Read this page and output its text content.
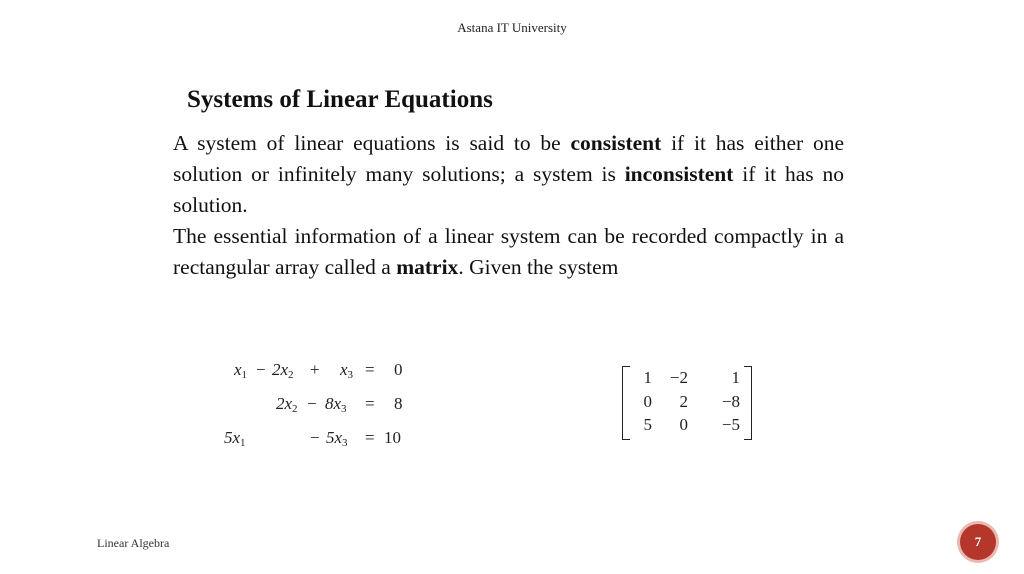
Astana IT University
Systems of Linear Equations

A system of linear equations is said to be consistent if it has either one solution or infinitely many solutions; a system is inconsistent if it has no solution.

The essential information of a linear system can be recorded compactly in a rectangular array called a matrix. Given the system

$x_1 - 2x_2 + x_3 = 0$
$2x_2 - 8x_3 = 8$
$5x_1$	− $5x_3 = 10$
1	−2	1
0	2	−8
5	0	−5
Linear Algebra	7
